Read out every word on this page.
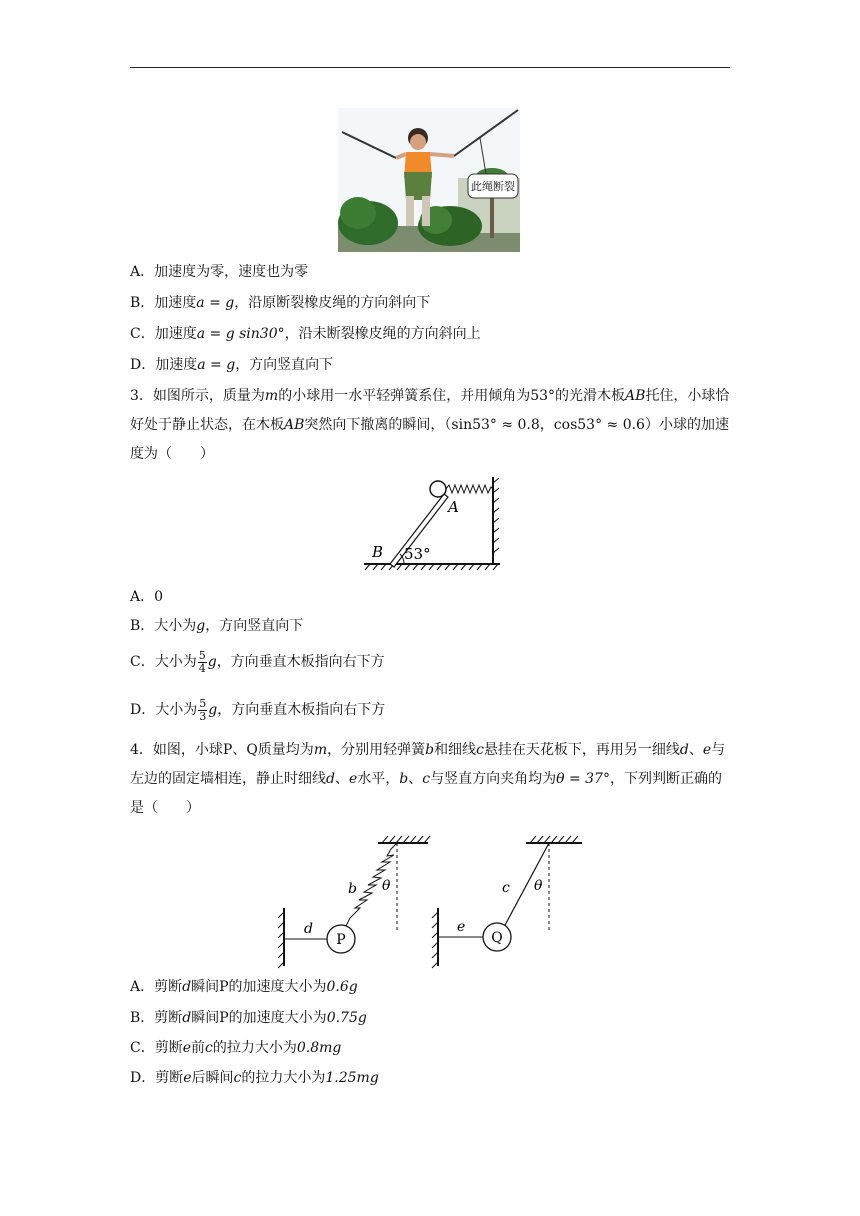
此绳断裂
A．加速度为零，速度也为零
B．加速度a = g，沿原断裂橡皮绳的方向斜向下
C．加速度a = g sin30°，沿未断裂橡皮绳的方向斜向上
D．加速度a = g，方向竖直向下
3．如图所示，质量为m的小球用一水平轻弹簧系住，并用倾角为53°的光滑木板AB托住，小球恰好处于静止状态，在木板AB突然向下撤离的瞬间，（sin53° ≈ 0.8，cos53° ≈ 0.6）小球的加速度为（　　）
A
B 53°
A．0
B．大小为g，方向竖直向下
C．大小为 $\frac{5}{4}$ g，方向垂直木板指向右下方
D．大小为 $\frac{5}{3}$ g，方向垂直木板指向右下方
4．如图，小球P、Q质量均为m，分别用轻弹簧b和细线c悬挂在天花板下，再用另一细线d、e与左边的固定墙相连，静止时细线d、e水平，b、c与竖直方向夹角均为θ = 37°，下列判断正确的是（　　）
P
d
b θ
Q
e
c θ
A．剪断d瞬间P的加速度大小为0.6g
B．剪断d瞬间P的加速度大小为0.75g
C．剪断e前c的拉力大小为0.8mg
D．剪断e后瞬间c的拉力大小为1.25mg
